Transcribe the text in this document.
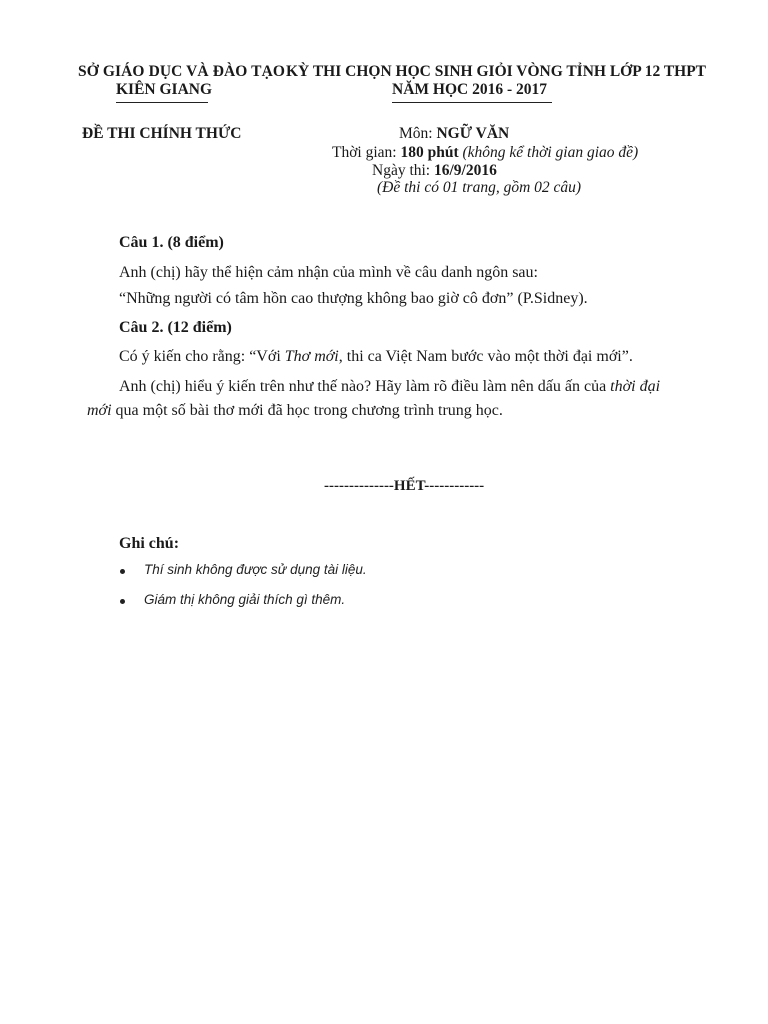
SỞ GIÁO DỤC VÀ ĐÀO TẠO
KIÊN GIANG
KỲ THI CHỌN HỌC SINH GIỎI VÒNG TỈNH LỚP 12 THPT
NĂM HỌC 2016 - 2017
ĐỀ THI CHÍNH THỨC	Môn: NGỮ VĂN
Thời gian: 180 phút (không kể thời gian giao đề)
Ngày thi: 16/9/2016
(Đề thi có 01 trang, gồm 02 câu)
Câu 1. (8 điểm)
Anh (chị) hãy thể hiện cảm nhận của mình về câu danh ngôn sau:
“Những người có tâm hồn cao thượng không bao giờ cô đơn” (P.Sidney).
Câu 2. (12 điểm)
Có ý kiến cho rằng: “Với Thơ mới, thi ca Việt Nam bước vào một thời đại mới”.
Anh (chị) hiểu ý kiến trên như thế nào? Hãy làm rõ điều làm nên dấu ấn của thời đại
mới qua một số bài thơ mới đã học trong chương trình trung học.
--------------HẾT------------
Ghi chú:
Thí sinh không được sử dụng tài liệu.
Giám thị không giải thích gì thêm.
